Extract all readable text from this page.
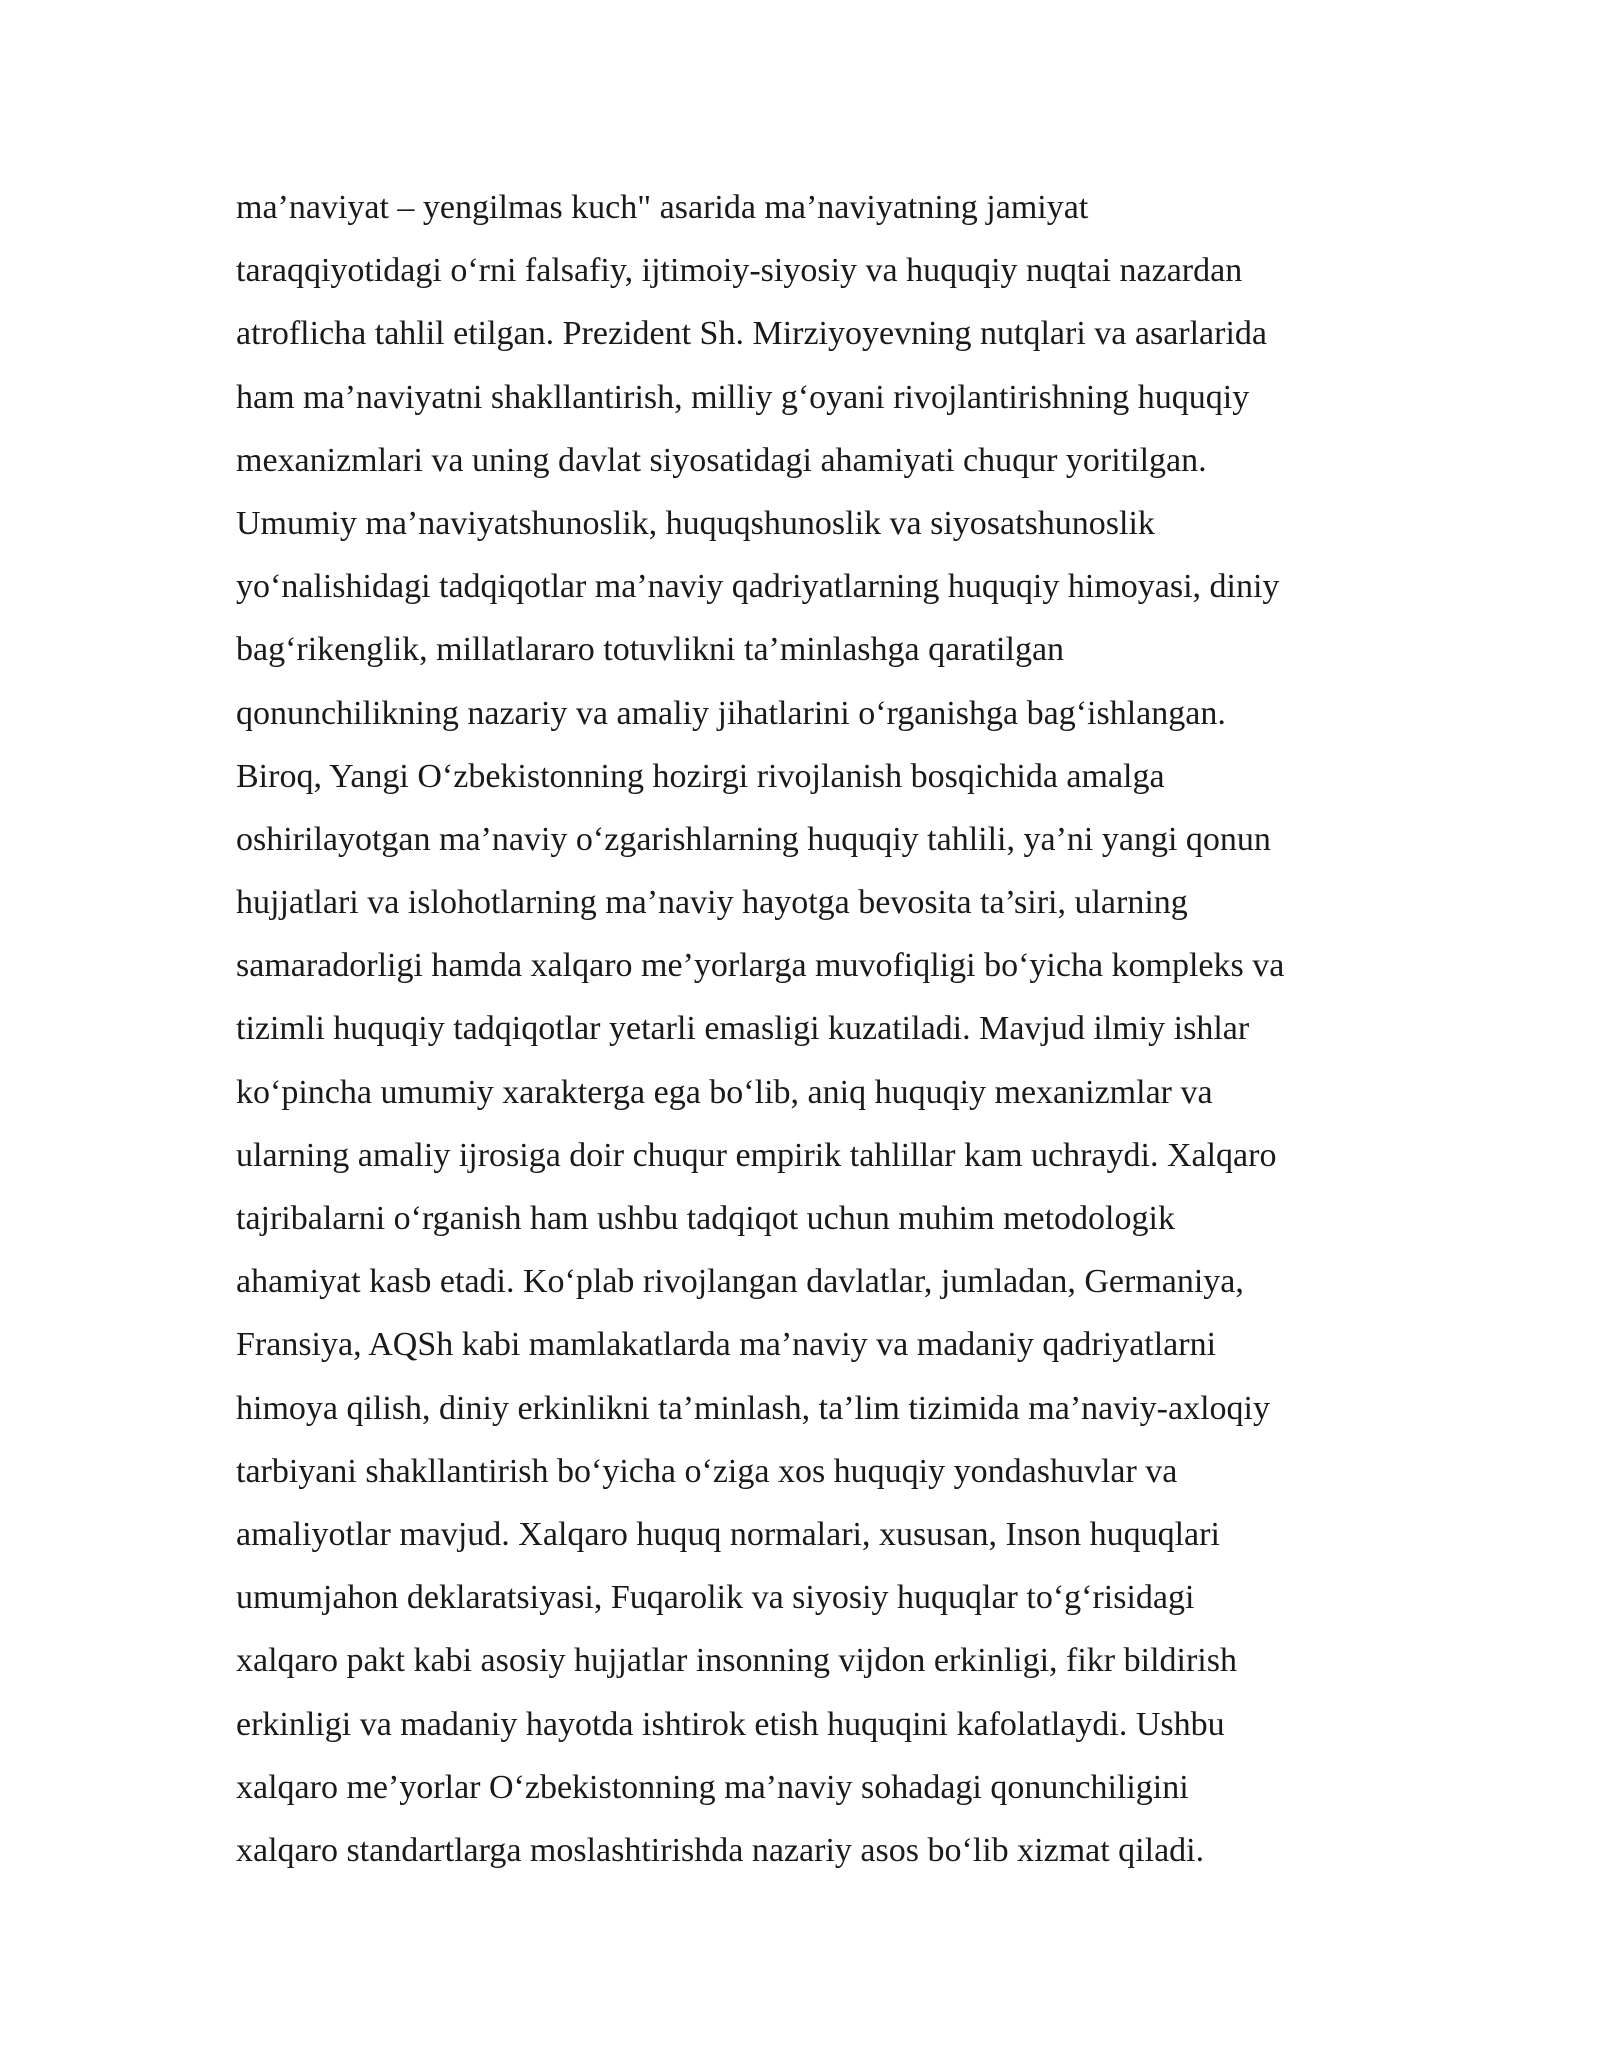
ma’naviyat – yengilmas kuch" asarida ma’naviyatning jamiyat
taraqqiyotidagi o‘rni falsafiy, ijtimoiy-siyosiy va huquqiy nuqtai nazardan
atroflicha tahlil etilgan. Prezident Sh. Mirziyoyevning nutqlari va asarlarida
ham ma’naviyatni shakllantirish, milliy g‘oyani rivojlantirishning huquqiy
mexanizmlari va uning davlat siyosatidagi ahamiyati chuqur yoritilgan.
Umumiy ma’naviyatshunoslik, huquqshunoslik va siyosatshunoslik
yo‘nalishidagi tadqiqotlar ma’naviy qadriyatlarning huquqiy himoyasi, diniy
bag‘rikenglik, millatlararo totuvlikni ta’minlashga qaratilgan
qonunchilikning nazariy va amaliy jihatlarini o‘rganishga bag‘ishlangan.
Biroq, Yangi O‘zbekistonning hozirgi rivojlanish bosqichida amalga
oshirilayotgan ma’naviy o‘zgarishlarning huquqiy tahlili, ya’ni yangi qonun
hujjatlari va islohotlarning ma’naviy hayotga bevosita ta’siri, ularning
samaradorligi hamda xalqaro me’yorlarga muvofiqligi bo‘yicha kompleks va
tizimli huquqiy tadqiqotlar yetarli emasligi kuzatiladi. Mavjud ilmiy ishlar
ko‘pincha umumiy xarakterga ega bo‘lib, aniq huquqiy mexanizmlar va
ularning amaliy ijrosiga doir chuqur empirik tahlillar kam uchraydi. Xalqaro
tajribalarni o‘rganish ham ushbu tadqiqot uchun muhim metodologik
ahamiyat kasb etadi. Ko‘plab rivojlangan davlatlar, jumladan, Germaniya,
Fransiya, AQSh kabi mamlakatlarda ma’naviy va madaniy qadriyatlarni
himoya qilish, diniy erkinlikni ta’minlash, ta’lim tizimida ma’naviy-axloqiy
tarbiyani shakllantirish bo‘yicha o‘ziga xos huquqiy yondashuvlar va
amaliyotlar mavjud. Xalqaro huquq normalari, xususan, Inson huquqlari
umumjahon deklaratsiyasi, Fuqarolik va siyosiy huquqlar to‘g‘risidagi
xalqaro pakt kabi asosiy hujjatlar insonning vijdon erkinligi, fikr bildirish
erkinligi va madaniy hayotda ishtirok etish huquqini kafolatlaydi. Ushbu
xalqaro me’yorlar O‘zbekistonning ma’naviy sohadagi qonunchiligini
xalqaro standartlarga moslashtirishda nazariy asos bo‘lib xizmat qiladi.
